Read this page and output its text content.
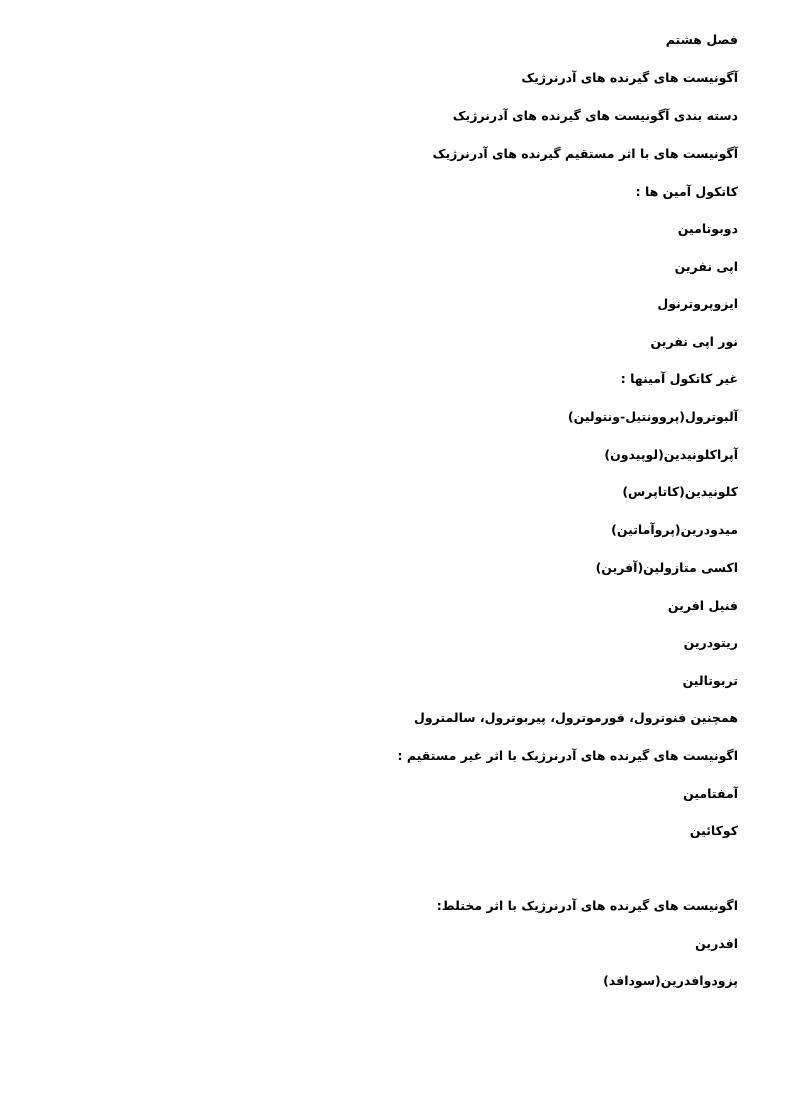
فصل هشتم
آگونیست های گیرنده های آدرنرژیک
دسته بندی آگونیست های گیرنده های آدرنرژیک
آگونیست های با اثر مستقیم گیرنده های آدرنرژیک
کاتکول آمین ها :
دوبوتامین
اپی نفرین
ایزوپروترنول
نور اپی نفرین
غیر کاتکول آمینها :
آلبوترول(پروونتیل-ونتولین)
آپراکلونیدین(لوپیدون)
کلونیدین(کاتاپرس)
میدودرین(پروآماتین)
اکسی متازولین(آفرین)
فنیل افرین
ریتودرین
تربوتالین
همچنین فنوترول، فورموترول، پیربوترول، سالمترول
اگونیست های گیرنده های آدرنرژیک با اثر غیر مستقیم :
آمفتامین
کوکائین
اگونیست های گیرنده های آدرنرژیک با اثر مختلط:
افدرین
پزودوافدرین(سودافد)
